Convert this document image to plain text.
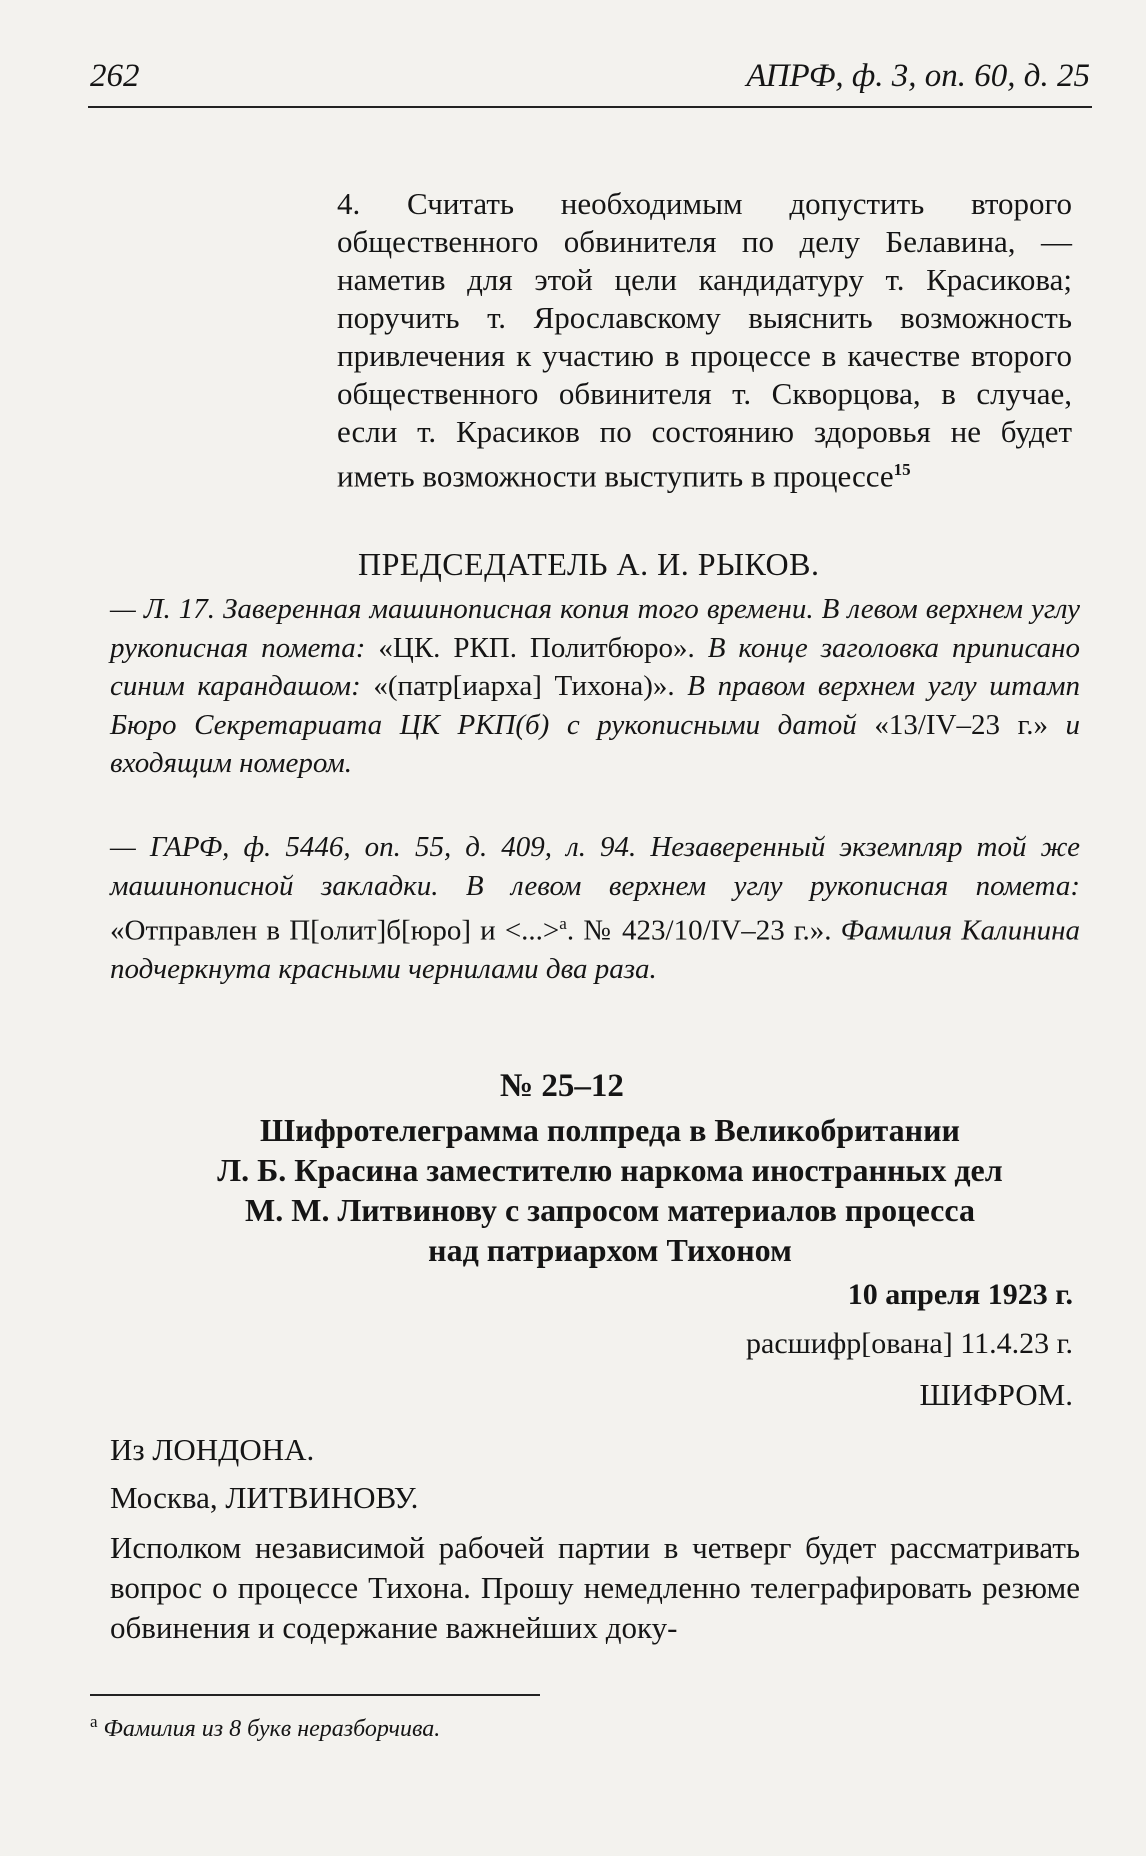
262	АПРФ, ф. 3, оп. 60, д. 25
4. Считать необходимым допустить второго общественного обвинителя по делу Белавина, — наметив для этой цели кандидатуру т. Красикова; поручить т. Ярославскому выяснить возможность привлечения к участию в процессе в качестве второго общественного обвинителя т. Скворцова, в случае, если т. Красиков по состоянию здоровья не будет иметь возможности выступить в процессе$^{15}$
ПРЕДСЕДАТЕЛЬ А. И. РЫКОВ.
— Л. 17. Заверенная машинописная копия того времени. В левом верхнем углу рукописная помета: «ЦК. РКП. Политбюро». В конце заголовка приписано синим карандашом: «(патр[иарха] Тихона)». В правом верхнем углу штамп Бюро Секретариата ЦК РКП(б) с рукописными датой «13/IV–23 г.» и входящим номером.
— ГАРФ, ф. 5446, оп. 55, д. 409, л. 94. Незаверенный экземпляр той же машинописной закладки. В левом верхнем углу рукописная помета: «Отправлен в П[олит]б[юро] и <...>$^а$. № 423/10/IV–23 г.». Фамилия Калинина подчеркнута красными чернилами два раза.
№ 25–12
Шифротелеграмма полпреда в Великобритании
Л. Б. Красина заместителю наркома иностранных дел
М. М. Литвинову с запросом материалов процесса
над патриархом Тихоном
10 апреля 1923 г.
расшифр[ована] 11.4.23 г.
ШИФРОМ.
Из ЛОНДОНА.
Москва, ЛИТВИНОВУ.
Исполком независимой рабочей партии в четверг будет рассматривать вопрос о процессе Тихона. Прошу немедленно телеграфировать резюме обвинения и содержание важнейших доку-
$^а$ Фамилия из 8 букв неразборчива.
